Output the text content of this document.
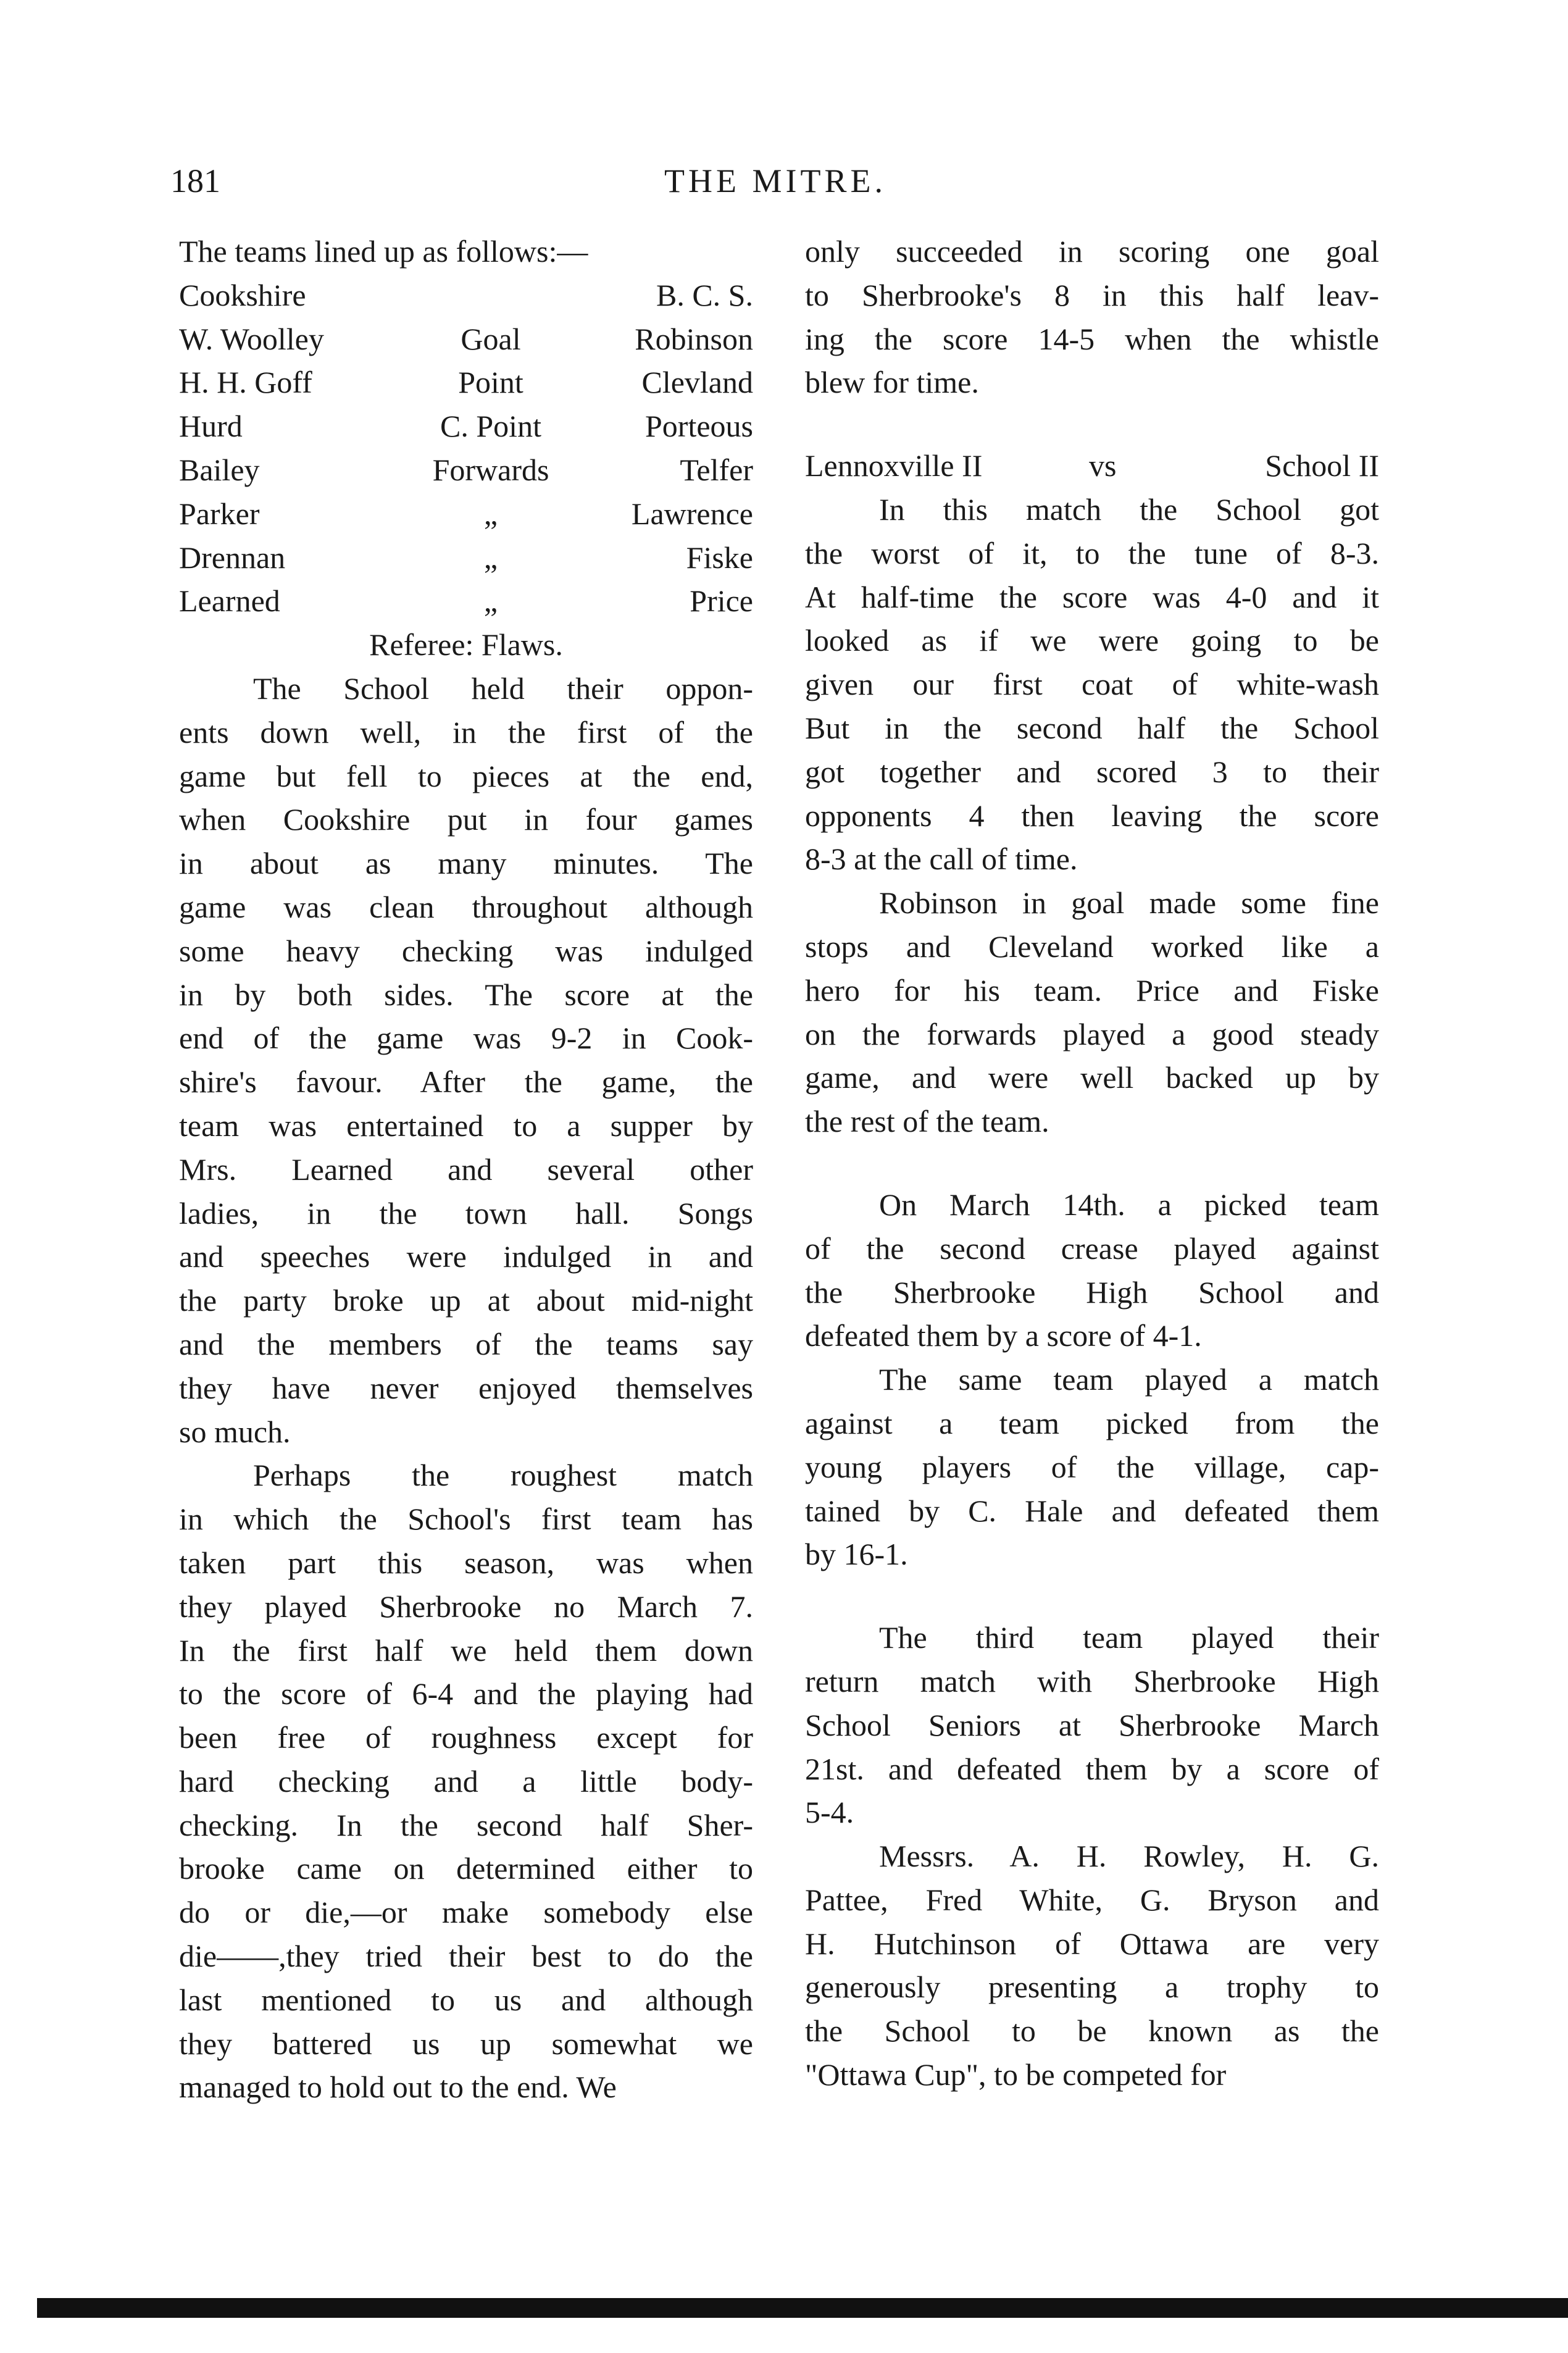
181	THE MITRE.
The teams lined up as follows:—
Cookshire	B. C. S.
W. Woolley	Goal	Robinson
H. H. Goff	Point	Clevland
Hurd	C. Point	Porteous
Bailey	Forwards	Telfer
Parker	„	Lawrence
Drennan	„	Fiske
Learned	„	Price
Referee: Flaws.
The School held their oppon-
ents down well, in the first of the
game but fell to pieces at the end,
when Cookshire put in four games
in about as many minutes. The
game was clean throughout although
some heavy checking was indulged
in by both sides. The score at the
end of the game was 9-2 in Cook-
shire's favour. After the game, the
team was entertained to a supper by
Mrs. Learned and several other
ladies, in the town hall. Songs
and speeches were indulged in and
the party broke up at about mid-night
and the members of the teams say
they have never enjoyed themselves
so much.
Perhaps the roughest match
in which the School's first team has
taken part this season, was when
they played Sherbrooke no March 7.
In the first half we held them down
to the score of 6-4 and the playing had
been free of roughness except for
hard checking and a little body-
checking. In the second half Sher-
brooke came on determined either to
do or die,—or make somebody else
die——,they tried their best to do the
last mentioned to us and although
they battered us up somewhat we
managed to hold out to the end. We
only succeeded in scoring one goal
to Sherbrooke's 8 in this half leav-
ing the score 14-5 when the whistle
blew for time.
Lennoxville II	vs	School II
In this match the School got
the worst of it, to the tune of 8-3.
At half-time the score was 4-0 and it
looked as if we were going to be
given our first coat of white-wash
But in the second half the School
got together and scored 3 to their
opponents 4 then leaving the score
8-3 at the call of time.
Robinson in goal made some fine
stops and Cleveland worked like a
hero for his team. Price and Fiske
on the forwards played a good steady
game, and were well backed up by
the rest of the team.
On March 14th. a picked team
of the second crease played against
the Sherbrooke High School and
defeated them by a score of 4-1.
The same team played a match
against a team picked from the
young players of the village, cap-
tained by C. Hale and defeated them
by 16-1.
The third team played their
return match with Sherbrooke High
School Seniors at Sherbrooke March
21st. and defeated them by a score of
5-4.
Messrs. A. H. Rowley, H. G.
Pattee, Fred White, G. Bryson and
H. Hutchinson of Ottawa are very
generously presenting a trophy to
the School to be known as the
"Ottawa Cup", to be competed for
